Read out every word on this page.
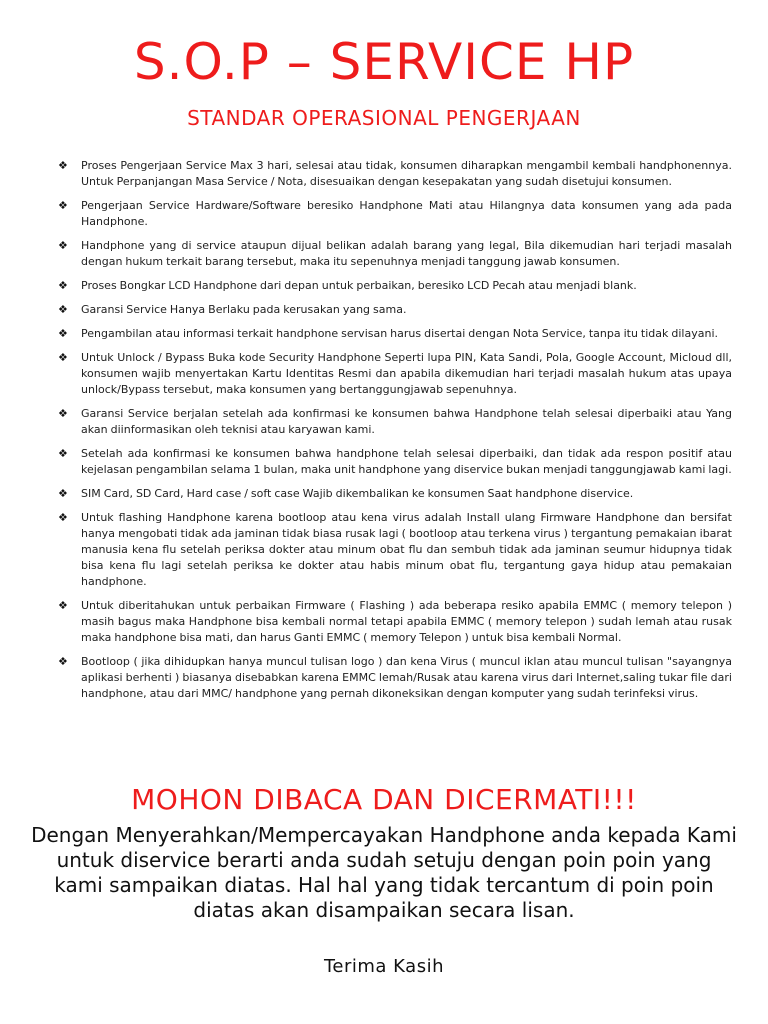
S.O.P – SERVICE HP
STANDAR OPERASIONAL PENGERJAAN
❖ Proses Pengerjaan Service Max 3 hari, selesai atau tidak, konsumen diharapkan mengambil kembali handphonennya. Untuk Perpanjangan Masa Service / Nota, disesuaikan dengan kesepakatan yang sudah disetujui konsumen.
❖ Pengerjaan Service Hardware/Software beresiko Handphone Mati atau Hilangnya data konsumen yang ada pada Handphone.
❖ Handphone yang di service ataupun dijual belikan adalah barang yang legal, Bila dikemudian hari terjadi masalah dengan hukum terkait barang tersebut, maka itu sepenuhnya menjadi tanggung jawab konsumen.
❖ Proses Bongkar LCD Handphone dari depan untuk perbaikan, beresiko LCD Pecah atau menjadi blank.
❖ Garansi Service Hanya Berlaku pada kerusakan yang sama.
❖ Pengambilan atau informasi terkait handphone servisan harus disertai dengan Nota Service, tanpa itu tidak dilayani.
❖ Untuk Unlock / Bypass Buka kode Security Handphone Seperti lupa PIN, Kata Sandi, Pola, Google Account, Micloud dll, konsumen wajib menyertakan Kartu Identitas Resmi dan apabila dikemudian hari terjadi masalah hukum atas upaya unlock/Bypass tersebut, maka konsumen yang bertanggungjawab sepenuhnya.
❖ Garansi Service berjalan setelah ada konfirmasi ke konsumen bahwa Handphone telah selesai diperbaiki atau Yang akan diinformasikan oleh teknisi atau karyawan kami.
❖ Setelah ada konfirmasi ke konsumen bahwa handphone telah selesai diperbaiki, dan tidak ada respon positif atau kejelasan pengambilan selama 1 bulan, maka unit handphone yang diservice bukan menjadi tanggungjawab kami lagi.
❖ SIM Card, SD Card, Hard case / soft case Wajib dikembalikan ke konsumen Saat handphone diservice.
❖ Untuk flashing Handphone karena bootloop atau kena virus adalah Install ulang Firmware Handphone dan bersifat hanya mengobati tidak ada jaminan tidak biasa rusak lagi ( bootloop atau terkena virus ) tergantung pemakaian ibarat manusia kena flu setelah periksa dokter atau minum obat flu dan sembuh tidak ada jaminan seumur hidupnya tidak bisa kena flu lagi setelah periksa ke dokter atau habis minum obat flu, tergantung gaya hidup atau pemakaian handphone.
❖ Untuk diberitahukan untuk perbaikan Firmware ( Flashing ) ada beberapa resiko apabila EMMC ( memory telepon ) masih bagus maka Handphone bisa kembali normal tetapi apabila EMMC ( memory telepon ) sudah lemah atau rusak maka handphone bisa mati, dan harus Ganti EMMC ( memory Telepon ) untuk bisa kembali Normal.
❖ Bootloop ( jika dihidupkan hanya muncul tulisan logo ) dan kena Virus ( muncul iklan atau muncul tulisan "sayangnya aplikasi berhenti ) biasanya disebabkan karena EMMC lemah/Rusak atau karena virus dari Internet,saling tukar file dari handphone, atau dari MMC/ handphone yang pernah dikoneksikan dengan komputer yang sudah terinfeksi virus.
MOHON DIBACA DAN DICERMATI!!!
Dengan Menyerahkan/Mempercayakan Handphone anda kepada Kami untuk diservice berarti anda sudah setuju dengan poin poin yang kami sampaikan diatas. Hal hal yang tidak tercantum di poin poin diatas akan disampaikan secara lisan.
Terima Kasih
